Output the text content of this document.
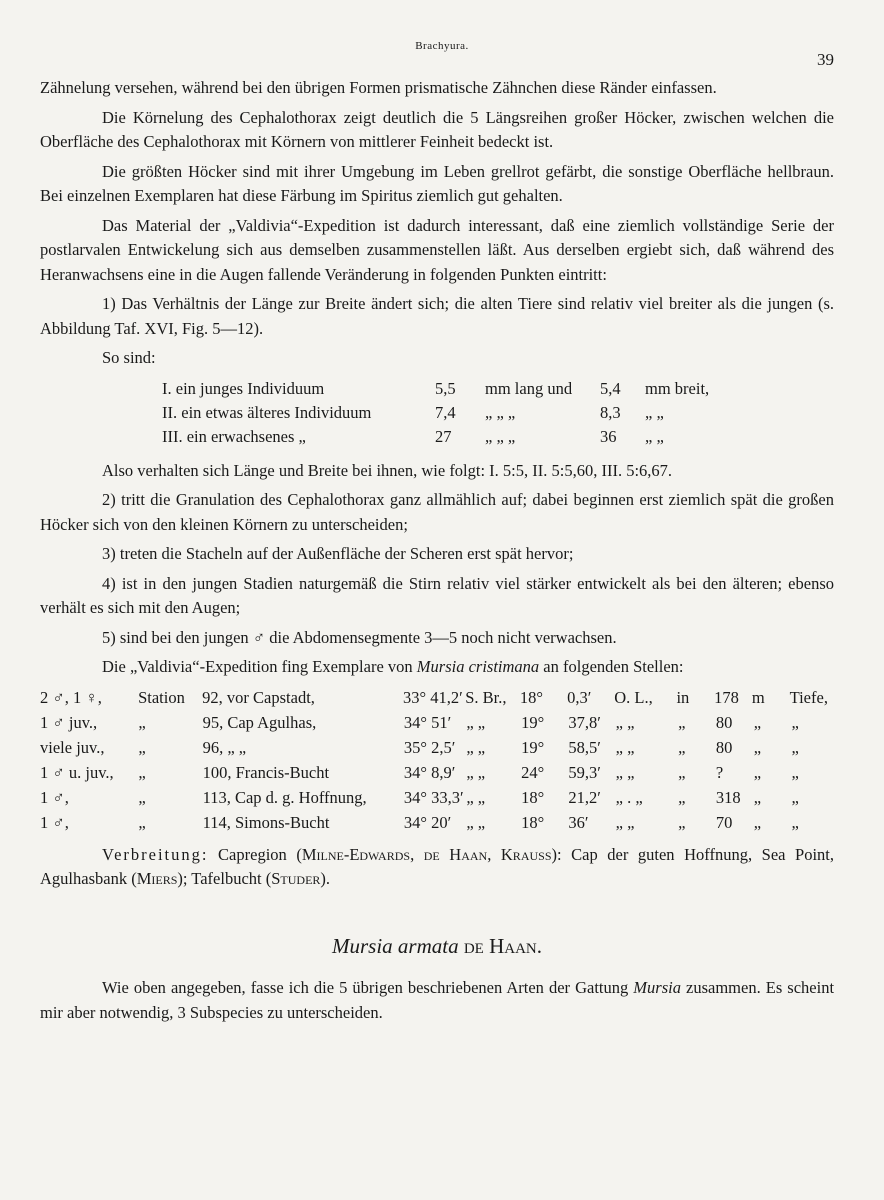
Brachyura.
39

Zähnelung versehen, während bei den übrigen Formen prismatische Zähnchen diese Ränder einfassen.

Die Körnelung des Cephalothorax zeigt deutlich die 5 Längsreihen großer Höcker, zwischen welchen die Oberfläche des Cephalothorax mit Körnern von mittlerer Feinheit bedeckt ist.

Die größten Höcker sind mit ihrer Umgebung im Leben grellrot gefärbt, die sonstige Oberfläche hellbraun. Bei einzelnen Exemplaren hat diese Färbung im Spiritus ziemlich gut gehalten.

Das Material der „Valdivia“-Expedition ist dadurch interessant, daß eine ziemlich vollständige Serie der postlarvalen Entwickelung sich aus demselben zusammenstellen läßt. Aus derselben ergiebt sich, daß während des Heranwachsens eine in die Augen fallende Veränderung in folgenden Punkten eintritt:

1) Das Verhältnis der Länge zur Breite ändert sich; die alten Tiere sind relativ viel breiter als die jungen (s. Abbildung Taf. XVI, Fig. 5—12).

So sind:

I. ein junges Individuum	5,5	mm lang und	5,4	mm breit,
II. ein etwas älteres Individuum	7,4	„ „ „	8,3	„ „
III. ein erwachsenes „	27	„ „ „	36	„ „

Also verhalten sich Länge und Breite bei ihnen, wie folgt: I. 5:5, II. 5:5,60, III. 5:6,67.

2) tritt die Granulation des Cephalothorax ganz allmählich auf; dabei beginnen erst ziemlich spät die großen Höcker sich von den kleinen Körnern zu unterscheiden;

3) treten die Stacheln auf der Außenfläche der Scheren erst spät hervor;

4) ist in den jungen Stadien naturgemäß die Stirn relativ viel stärker entwickelt als bei den älteren; ebenso verhält es sich mit den Augen;

5) sind bei den jungen ♂ die Abdomensegmente 3—5 noch nicht verwachsen.

Die „Valdivia“-Expedition fing Exemplare von Mursia cristimana an folgenden Stellen:

2 ♂, 1 ♀,	Station	92, vor Capstadt,	33° 41,2′ S. Br., 18°	0,3′	O. L.,	in	178 m	Tiefe,
1 ♂ juv.,	„	95, Cap Agulhas,	34° 51′ „ „	19°	37,8′ „ „	„	80	„	„
viele juv.,	„	96, „ „	35° 2,5′ „ „	19°	58,5′ „ „	„	80	„	„
1 ♂ u. juv.,	„	100, Francis-Bucht	34° 8,9′ „ „	24°	59,3′ „ „	„	?	„	„
1 ♂,	„	113, Cap d. g. Hoffnung,	34° 33,3′ „ „	18°	21,2′ „ . „	„	318 „	„
1 ♂,	„	114, Simons-Bucht	34° 20′ „ „	18°	36′	„ „	„	70	„	„

Verbreitung: Capregion (Milne-Edwards, de Haan, Krauss): Cap der guten Hoffnung, Sea Point, Agulhasbank (Miers); Tafelbucht (Studer).

Mursia armata de Haan.

Wie oben angegeben, fasse ich die 5 übrigen beschriebenen Arten der Gattung Mursia zusammen. Es scheint mir aber notwendig, 3 Subspecies zu unterscheiden.
